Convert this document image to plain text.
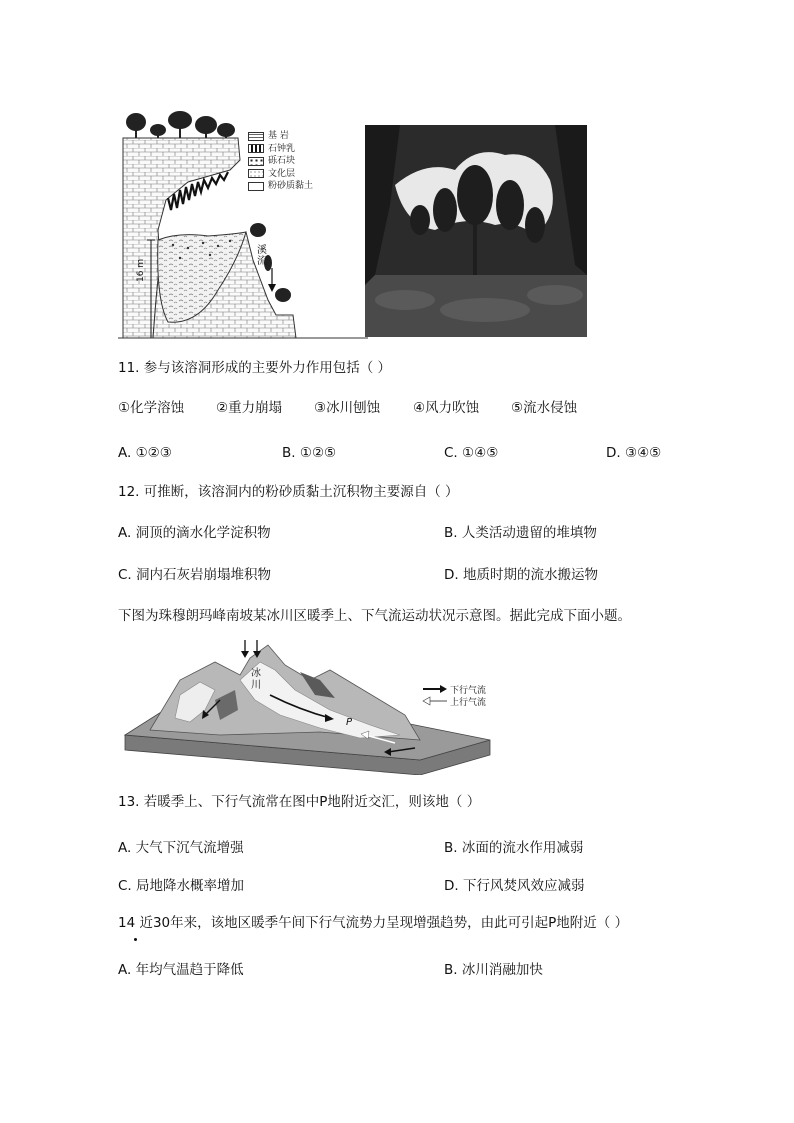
16 m
溪
流
基 岩
石钟乳
砾石块
文化层
粉砂质黏土
11. 参与该溶洞形成的主要外力作用包括（ ）
①化学溶蚀 ②重力崩塌 ③冰川刨蚀 ④风力吹蚀 ⑤流水侵蚀
A. ①②③	B. ①②⑤	C. ①④⑤	D. ③④⑤
12. 可推断，该溶洞内的粉砂质黏土沉积物主要源自（ ）
A. 洞顶的滴水化学淀积物	B. 人类活动遗留的堆填物
C. 洞内石灰岩崩塌堆积物	D. 地质时期的流水搬运物
下图为珠穆朗玛峰南坡某冰川区暖季上、下气流运动状况示意图。据此完成下面小题。
下行气流
上行气流
冰
川
P
13. 若暖季上、下行气流常在图中P地附近交汇，则该地（ ）
A. 大气下沉气流增强	B. 冰面的流水作用减弱
C. 局地降水概率增加	D. 下行风焚风效应减弱
14 近30年来，该地区暖季午间下行气流势力呈现增强趋势，由此可引起P地附近（ ）
A. 年均气温趋于降低	B. 冰川消融加快
